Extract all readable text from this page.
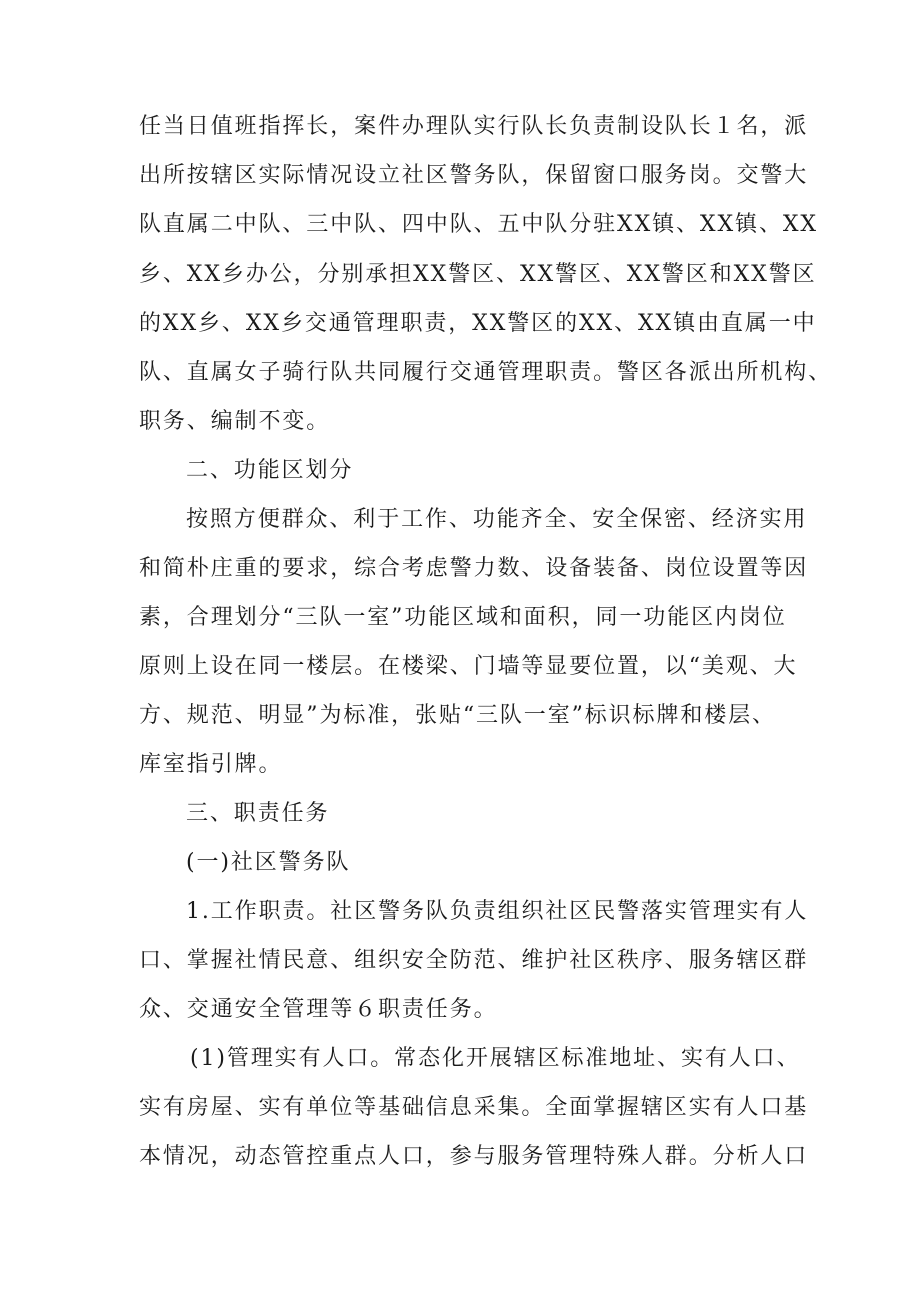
任当日值班指挥长，案件办理队实行队长负责制设队长１名，派
出所按辖区实际情况设立社区警务队，保留窗口服务岗。交警大
队直属二中队、三中队、四中队、五中队分驻XX镇、XX镇、XX
乡、XX乡办公，分别承担XX警区、XX警区、XX警区和XX警区
的XX乡、XX乡交通管理职责，XX警区的XX、XX镇由直属一中
队、直属女子骑行队共同履行交通管理职责。警区各派出所机构、
职务、编制不变。
二、功能区划分
按照方便群众、利于工作、功能齐全、安全保密、经济实用
和简朴庄重的要求，综合考虑警力数、设备装备、岗位设置等因
素，合理划分“三队一室”功能区域和面积，同一功能区内岗位
原则上设在同一楼层。在楼梁、门墙等显要位置，以“美观、大
方、规范、明显”为标准，张贴“三队一室”标识标牌和楼层、
库室指引牌。
三、职责任务
(一)社区警务队
1.工作职责。社区警务队负责组织社区民警落实管理实有人
口、掌握社情民意、组织安全防范、维护社区秩序、服务辖区群
众、交通安全管理等６职责任务。
(1)管理实有人口。常态化开展辖区标准地址、实有人口、
实有房屋、实有单位等基础信息采集。全面掌握辖区实有人口基
本情况，动态管控重点人口，参与服务管理特殊人群。分析人口
